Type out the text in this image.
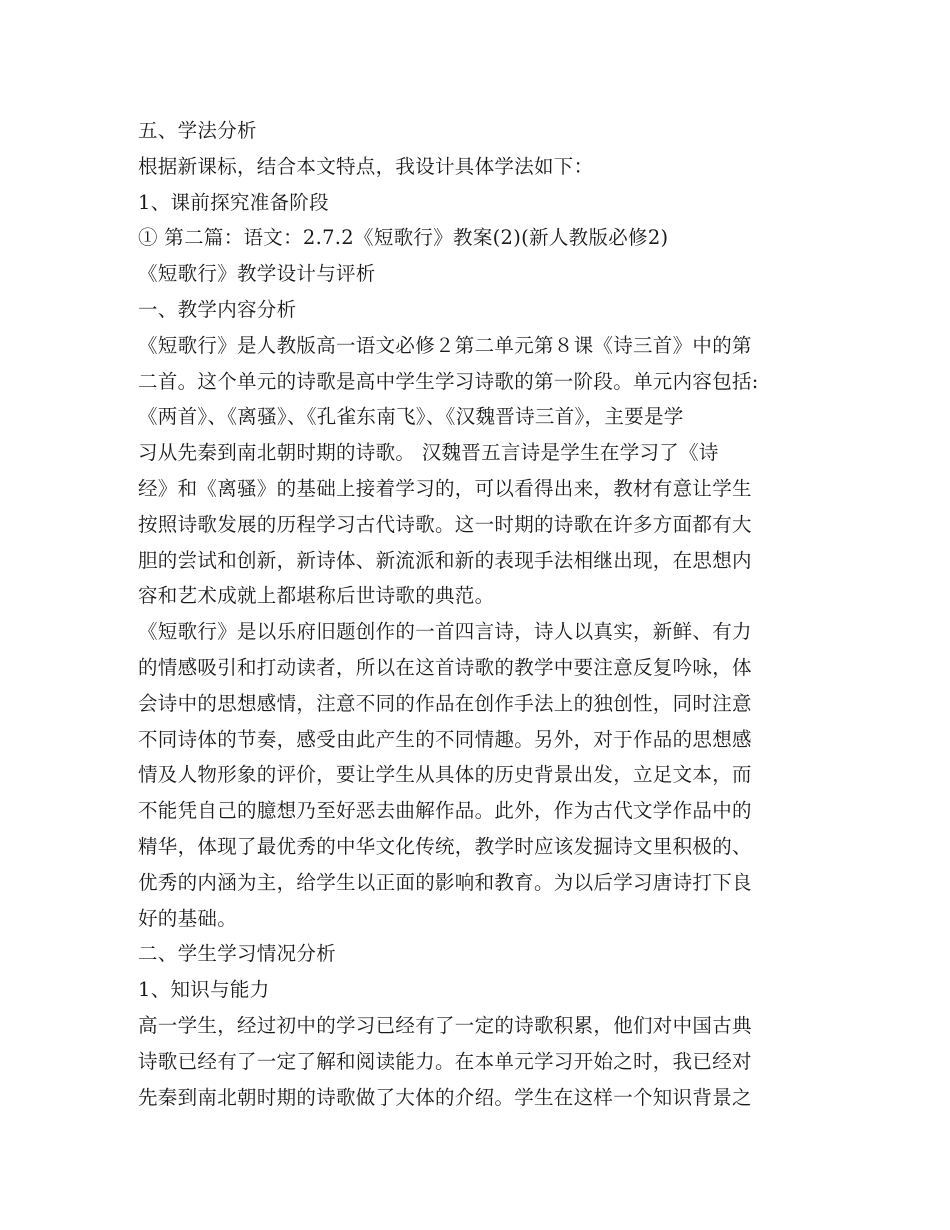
五、学法分析
根据新课标，结合本文特点，我设计具体学法如下：
1、课前探究准备阶段
① 第二篇：语文：2.7.2《短歌行》教案(2)(新人教版必修2)
《短歌行》教学设计与评析
一、教学内容分析
《短歌行》是人教版高一语文必修２第二单元第８课《诗三首》中的第
二首。这个单元的诗歌是高中学生学习诗歌的第一阶段。单元内容包括:
《两首》、《离骚》、《孔雀东南飞》、《汉魏晋诗三首》，主要是学
习从先秦到南北朝时期的诗歌。 汉魏晋五言诗是学生在学习了《诗
经》和《离骚》的基础上接着学习的，可以看得出来，教材有意让学生
按照诗歌发展的历程学习古代诗歌。这一时期的诗歌在许多方面都有大
胆的尝试和创新，新诗体、新流派和新的表现手法相继出现，在思想内
容和艺术成就上都堪称后世诗歌的典范。
《短歌行》是以乐府旧题创作的一首四言诗，诗人以真实，新鲜、有力
的情感吸引和打动读者，所以在这首诗歌的教学中要注意反复吟咏，体
会诗中的思想感情，注意不同的作品在创作手法上的独创性，同时注意
不同诗体的节奏，感受由此产生的不同情趣。另外，对于作品的思想感
情及人物形象的评价，要让学生从具体的历史背景出发，立足文本，而
不能凭自己的臆想乃至好恶去曲解作品。此外，作为古代文学作品中的
精华，体现了最优秀的中华文化传统，教学时应该发掘诗文里积极的、
优秀的内涵为主，给学生以正面的影响和教育。为以后学习唐诗打下良
好的基础。
二、学生学习情况分析
1、知识与能力
高一学生，经过初中的学习已经有了一定的诗歌积累，他们对中国古典
诗歌已经有了一定了解和阅读能力。在本单元学习开始之时，我已经对
先秦到南北朝时期的诗歌做了大体的介绍。学生在这样一个知识背景之
